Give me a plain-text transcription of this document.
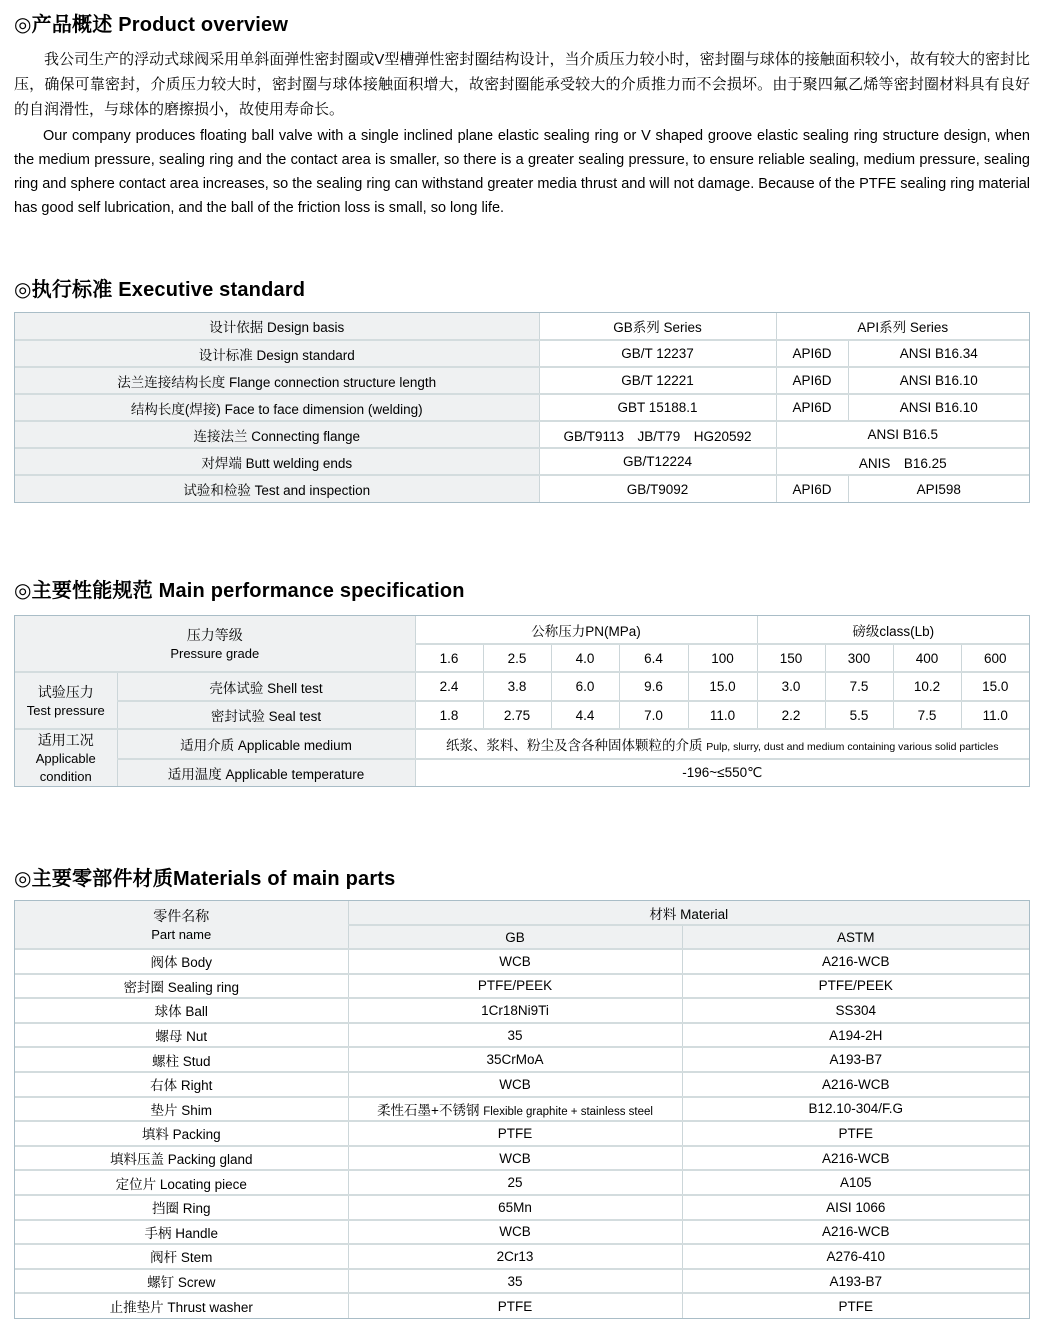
◎产品概述 Product overview
我公司生产的浮动式球阀采用单斜面弹性密封圈或V型槽弹性密封圈结构设计，当介质压力较小时，密封圈与球体的接触面积较小，故有较大的密封比压，确保可靠密封，介质压力较大时，密封圈与球体接触面积增大，故密封圈能承受较大的介质推力而不会损坏。由于聚四氟乙烯等密封圈材料具有良好的自润滑性，与球体的磨擦损小，故使用寿命长。
Our company produces floating ball valve with a single inclined plane elastic sealing ring or V shaped groove elastic sealing ring structure design, when the medium pressure, sealing ring and the contact area is smaller, so there is a greater sealing pressure, to ensure reliable sealing, medium pressure, sealing ring and sphere contact area increases, so the sealing ring can withstand greater media thrust and will not damage. Because of the PTFE sealing ring material has good self lubrication, and the ball of the friction loss is small, so long life.
◎执行标准 Executive standard
设计依据 Design basis	GB系列 Series	API系列 Series	
设计标准 Design standard	GB/T 12237	API6D	ANSI B16.34
法兰连接结构长度 Flange connection structure length	GB/T 12221	API6D	ANSI B16.10
结构长度(焊接) Face to face dimension (welding)	GBT 15188.1	API6D	ANSI B16.10
连接法兰 Connecting flange	GB/T9113　JB/T79　HG20592	ANSI B16.5	
对焊端 Butt welding ends	GB/T12224	ANIS　B16.25	
试验和检验 Test and inspection	GB/T9092	API6D	API598
◎主要性能规范 Main performance specification
压力等级
Pressure grade		公称压力PN(MPa)					磅级class(Lb)			
		1.6	2.5	4.0	6.4	100	150	300	400	600

试验压力
Test pressure	壳体试验 Shell test	2.4	3.8	6.0	9.6	15.0	3.0	7.5	10.2	15.0
	密封试验 Seal test	1.8	2.75	4.4	7.0	11.0	2.2	5.5	7.5	11.0

适用工况
Applicable condition	适用介质 Applicable medium	纸浆、浆料、粉尘及含各种固体颗粒的介质 Pulp, slurry, dust and medium containing various solid particles								
	适用温度 Applicable temperature	-196~≤550℃								
◎主要零部件材质Materials of main parts
零件名称
Part name	材料 Material	
	GB	ASTM
阀体 Body	WCB	A216-WCB
密封圈 Sealing ring	PTFE/PEEK	PTFE/PEEK
球体 Ball	1Cr18Ni9Ti	SS304
螺母 Nut	35	A194-2H
螺柱 Stud	35CrMoA	A193-B7
右体 Right	WCB	A216-WCB
垫片 Shim	柔性石墨+不锈钢 Flexible graphite + stainless steel	B12.10-304/F.G
填料 Packing	PTFE	PTFE
填料压盖 Packing gland	WCB	A216-WCB
定位片 Locating piece	25	A105
挡圈 Ring	65Mn	AISI 1066
手柄 Handle	WCB	A216-WCB
阀杆 Stem	2Cr13	A276-410
螺钉 Screw	35	A193-B7
止推垫片 Thrust washer	PTFE	PTFE
